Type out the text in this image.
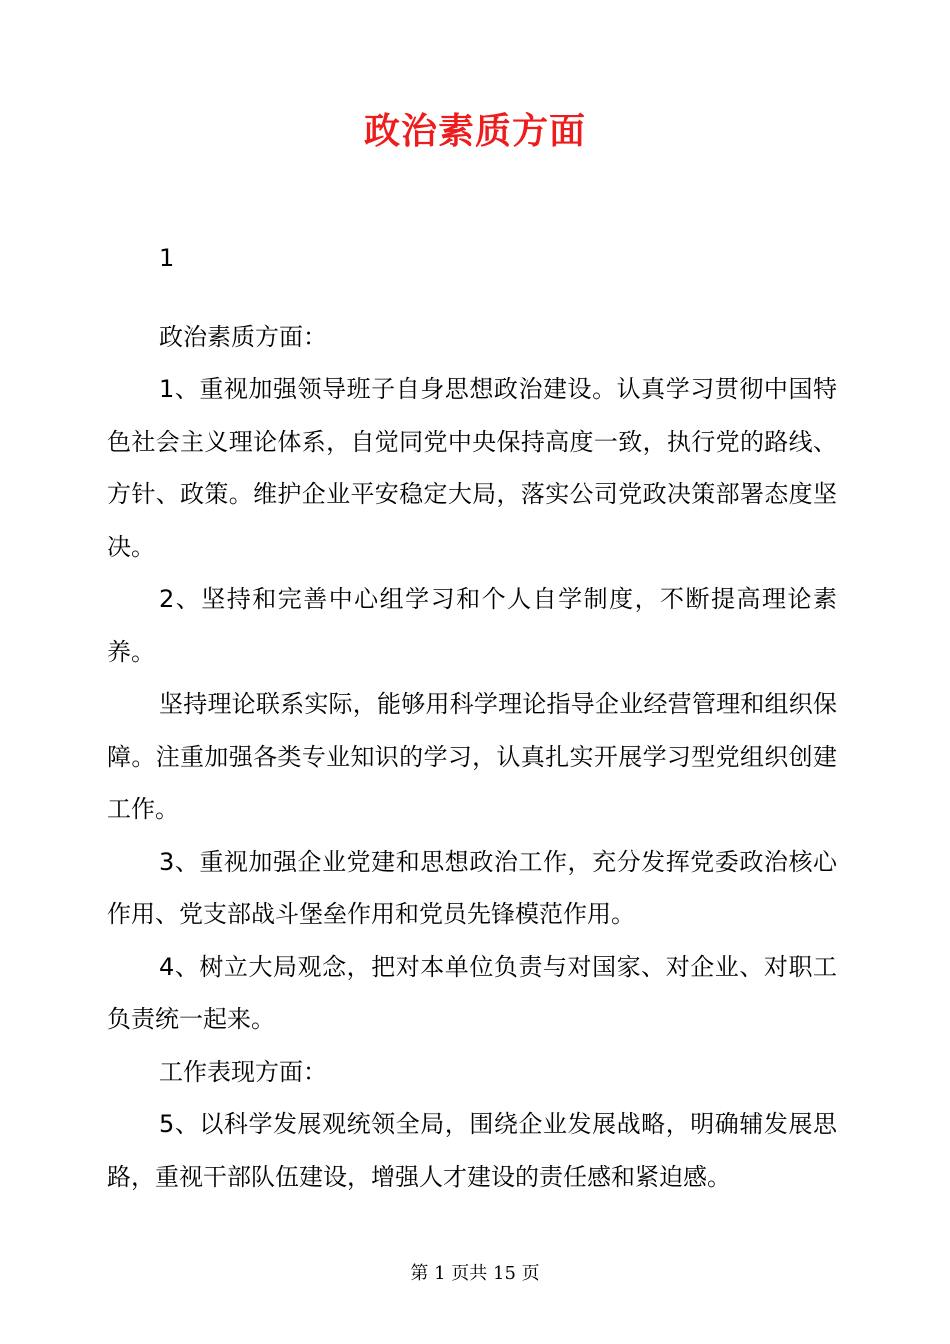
政治素质方面

1

政治素质方面：

1、重视加强领导班子自身思想政治建设。认真学习贯彻中国特色社会主义理论体系，自觉同党中央保持高度一致，执行党的路线、方针、政策。维护企业平安稳定大局，落实公司党政决策部署态度坚决。

2、坚持和完善中心组学习和个人自学制度，不断提高理论素养。

坚持理论联系实际，能够用科学理论指导企业经营管理和组织保障。注重加强各类专业知识的学习，认真扎实开展学习型党组织创建工作。

3、重视加强企业党建和思想政治工作，充分发挥党委政治核心作用、党支部战斗堡垒作用和党员先锋模范作用。

4、树立大局观念，把对本单位负责与对国家、对企业、对职工负责统一起来。

工作表现方面：

5、以科学发展观统领全局，围绕企业发展战略，明确辅发展思路，重视干部队伍建设，增强人才建设的责任感和紧迫感。

第 1 页共 15 页
